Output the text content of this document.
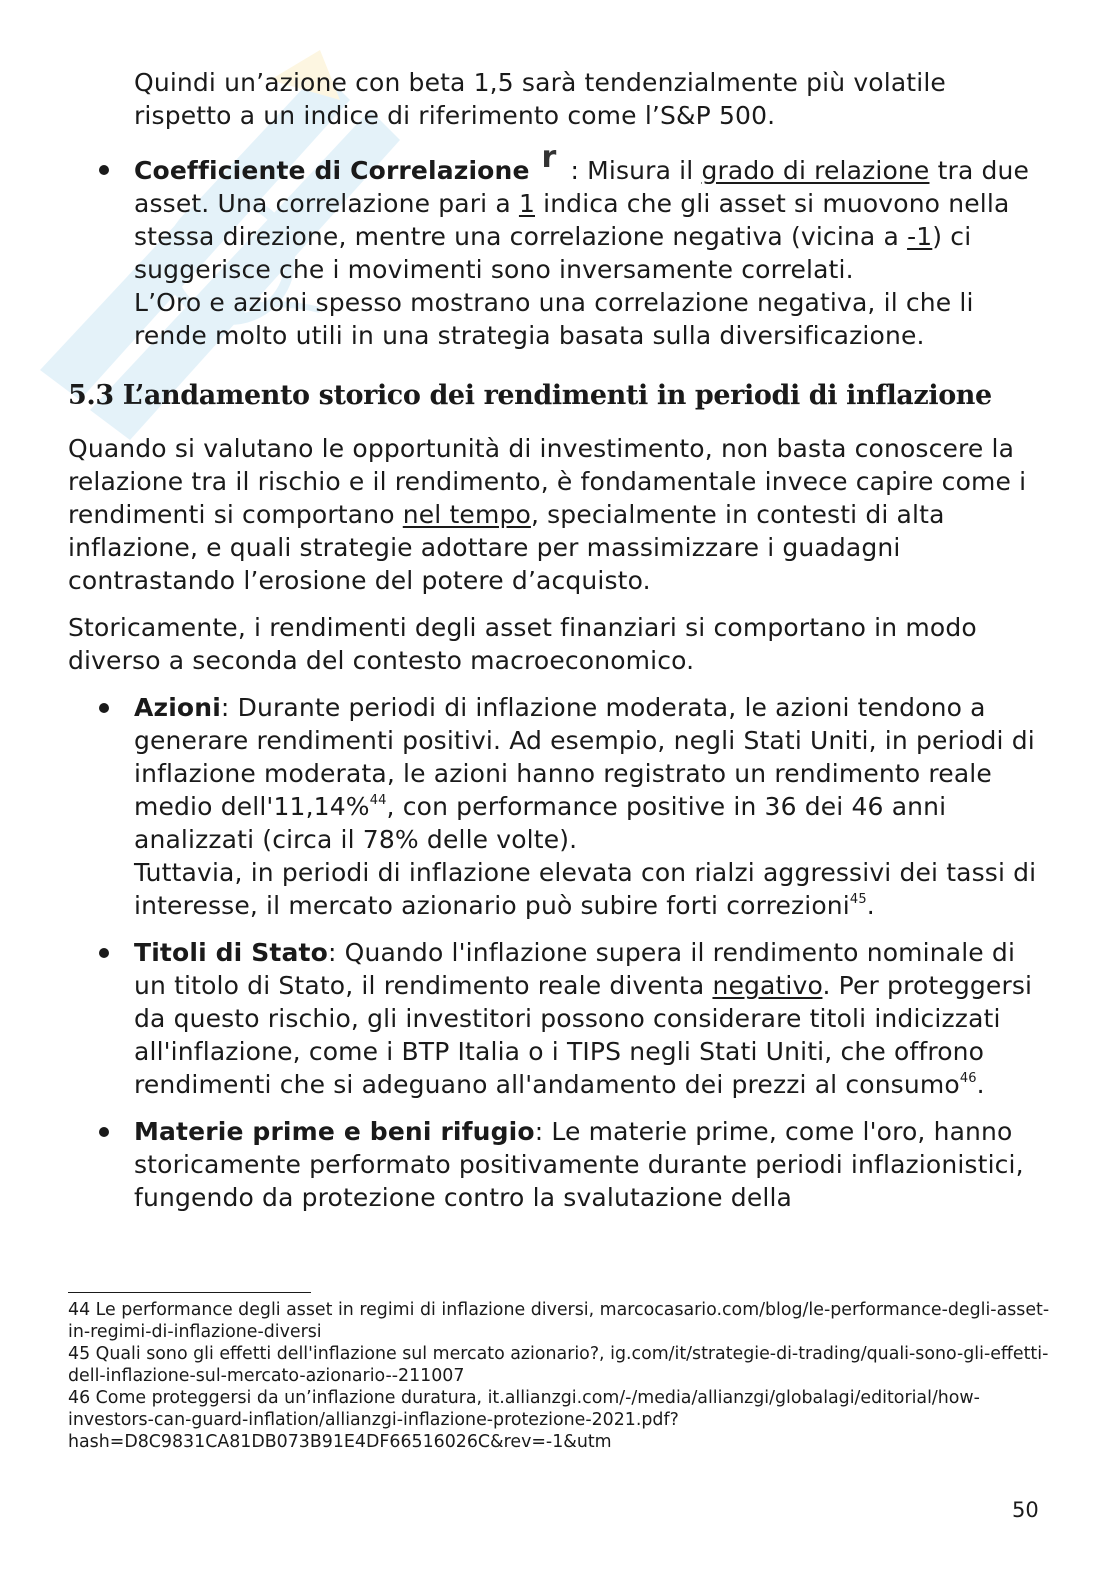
Quindi un’azione con beta 1,5 sarà tendenzialmente più volatile
rispetto a un indice di riferimento come l’S&P 500.
Coefficiente di Correlazione r : Misura il grado di relazione tra due asset. Una correlazione pari a 1 indica che gli asset si muovono nella stessa direzione, mentre una correlazione negativa (vicina a -1) ci suggerisce che i movimenti sono inversamente correlati.
L’Oro e azioni spesso mostrano una correlazione negativa, il che li rende molto utili in una strategia basata sulla diversificazione.
5.3 L’andamento storico dei rendimenti in periodi di inflazione

Quando si valutano le opportunità di investimento, non basta conoscere la relazione tra il rischio e il rendimento, è fondamentale invece capire come i rendimenti si comportano nel tempo, specialmente in contesti di alta inflazione, e quali strategie adottare per massimizzare i guadagni contrastando l’erosione del potere d’acquisto.

Storicamente, i rendimenti degli asset finanziari si comportano in modo diverso a seconda del contesto macroeconomico.

Azioni: Durante periodi di inflazione moderata, le azioni tendono a generare rendimenti positivi. Ad esempio, negli Stati Uniti, in periodi di inflazione moderata, le azioni hanno registrato un rendimento reale medio dell'11,14%$^{44}$, con performance positive in 36 dei 46 anni analizzati (circa il 78% delle volte).
Tuttavia, in periodi di inflazione elevata con rialzi aggressivi dei tassi di interesse, il mercato azionario può subire forti correzioni$^{45}$.
Titoli di Stato: Quando l'inflazione supera il rendimento nominale di un titolo di Stato, il rendimento reale diventa negativo. Per proteggersi da questo rischio, gli investitori possono considerare titoli indicizzati all'inflazione, come i BTP Italia o i TIPS negli Stati Uniti, che offrono rendimenti che si adeguano all'andamento dei prezzi al consumo$^{46}$.
Materie prime e beni rifugio: Le materie prime, come l'oro, hanno storicamente performato positivamente durante periodi inflazionistici, fungendo da protezione contro la svalutazione della

44 Le performance degli asset in regimi di inflazione diversi, marcocasario.com/blog/le-performance-degli-asset-in-regimi-di-inflazione-diversi

45 Quali sono gli effetti dell'inflazione sul mercato azionario?, ig.com/it/strategie-di-trading/quali-sono-gli-effetti-dell-inflazione-sul-mercato-azionario--211007

46 Come proteggersi da un’inflazione duratura, it.allianzgi.com/-/media/allianzgi/globalagi/editorial/how-investors-can-guard-inflation/allianzgi-inflazione-protezione-2021.pdf?hash=D8C9831CA81DB073B91E4DF66516026C&rev=-1&utm

50
